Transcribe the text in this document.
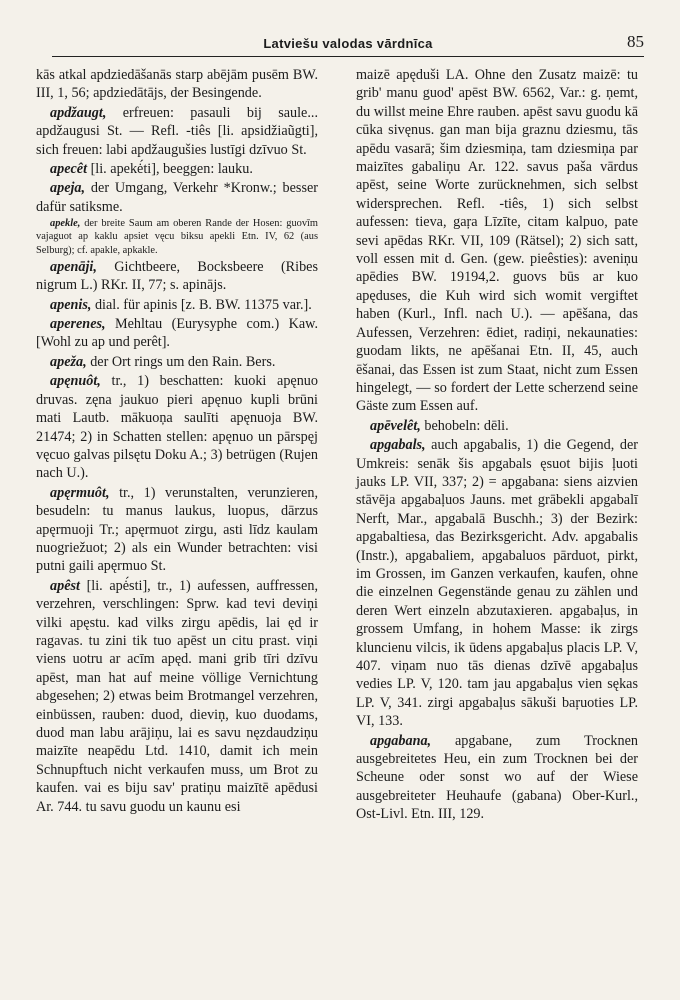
Latviešu valodas vārdnīca	85

kās atkal apdziedāšanās starp abējām pusēm BW. III, 1, 56; apdziedātājs, der Besingende.

apdžaugt, erfreuen: pasauli bij saule... apdžaugusi St. — Refl. -tiês [li. apsidžiaũgti], sich freuen: labi apdžaugušies lustīgi dzīvuo St.

apecêt [li. apekė́ti], beeggen: lauku.

apeja, der Umgang, Verkehr *Kronw.; besser dafür satiksme.

apekle, der breite Saum am oberen Rande der Hosen: guovīm vajaguot ap kaklu apsiet vęcu biksu apekli Etn. IV, 62 (aus Selburg); cf. apakle, apkakle.

apenāji, Gichtbeere, Bocksbeere (Ribes nigrum L.) RKr. II, 77; s. apinājs.

apenis, dial. für apinis [z. B. BW. 11375 var.].

aperenes, Mehltau (Eurysyphe com.) Kaw. [Wohl zu ap und perêt].

apeža, der Ort rings um den Rain. Bers.

apęnuôt, tr., 1) beschatten: kuoki apęnuo druvas. zęna jaukuo pieri apęnuo kupli brūni mati Lautb. mākuoņa saulīti apęnuoja BW. 21474; 2) in Schatten stellen: apęnuo un pārspęj vęcuo galvas pilsętu Doku A.; 3) betrügen (Rujen nach U.).

apęrmuôt, tr., 1) verunstalten, verunzieren, besudeln: tu manus laukus, luopus, dārzus apęrmuoji Tr.; apęrmuot zirgu, asti līdz kaulam nuogriežuot; 2) als ein Wunder betrachten: visi putni gaili apęrmuo St.

apêst [li. apė́sti], tr., 1) aufessen, auffressen, verzehren, verschlingen: Sprw. kad tevi deviņi vilki apęstu. kad vilks zirgu apēdis, lai ęd ir ragavas. tu zini tik tuo apēst un citu prast. viņi viens uotru ar acīm apęd. mani grib tīri dzīvu apēst, man hat auf meine völlige Vernichtung abgesehen; 2) etwas beim Brotmangel verzehren, einbüssen, rauben: duod, dieviņ, kuo duodams, duod man labu arājiņu, lai es savu nęzdaudziņu maizīte neapēdu Ltd. 1410, damit ich mein Schnupftuch nicht verkaufen muss, um Brot zu kaufen. vai es biju sav' pratiņu maizītē apēdusi Ar. 744. tu savu guodu un kaunu esi

maizē apęduši LA. Ohne den Zusatz maizē: tu grib' manu guod' apēst BW. 6562, Var.: g. ņemt, du willst meine Ehre rauben. apēst savu guodu kā cūka sivęnus. gan man bija graznu dziesmu, tās apēdu vasarā; šim dziesmiņa, tam dziesmiņa par maizītes gabaliņu Ar. 122. savus paša vārdus apēst, seine Worte zurücknehmen, sich selbst widersprechen. Refl. -tiês, 1) sich selbst aufessen: tieva, gaŗa Līzīte, citam kalpuo, pate sevi apēdas RKr. VII, 109 (Rätsel); 2) sich satt, voll essen mit d. Gen. (gew. pieêsties): aveniņu apēdies BW. 19194,2. guovs būs ar kuo apęduses, die Kuh wird sich womit vergiftet haben (Kurl., Infl. nach U.). — apēšana, das Aufessen, Verzehren: ēdiet, radiņi, nekaunaties: guodam likts, ne apēšanai Etn. II, 45, auch ēšanai, das Essen ist zum Staat, nicht zum Essen hingelegt, — so fordert der Lette scherzend seine Gäste zum Essen auf.

apēvelêt, behobeln: dēli.

apgabals, auch apgabalis, 1) die Gegend, der Umkreis: senāk šis apgabals ęsuot bijis ļuoti jauks LP. VII, 337; 2) = apgabana: siens aizvien stāvēja apgabaļuos Jauns. met grābekli apgabalī Nerft, Mar., apgabalā Buschh.; 3) der Bezirk: apgabaltiesa, das Bezirksgericht. Adv. apgabalis (Instr.), apgabaliem, apgabaluos pārduot, pirkt, im Grossen, im Ganzen verkaufen, kaufen, ohne die einzelnen Gegenstände genau zu zählen und deren Wert einzeln abzutaxieren. apgabaļus, in grossem Umfang, in hohem Masse: ik zirgs kluncienu vilcis, ik ūdens apgabaļus placis LP. V, 407. viņam nuo tās dienas dzīvē apgabaļus vedies LP. V, 120. tam jau apgabaļus vien sękas LP. V, 341. zirgi apgabaļus sākuši baŗuoties LP. VI, 133.

apgabana, apgabane, zum Trocknen ausgebreitetes Heu, ein zum Trocknen bei der Scheune oder sonst wo auf der Wiese ausgebreiteter Heuhaufe (gabana) Ober-Kurl., Ost-Livl. Etn. III, 129.
